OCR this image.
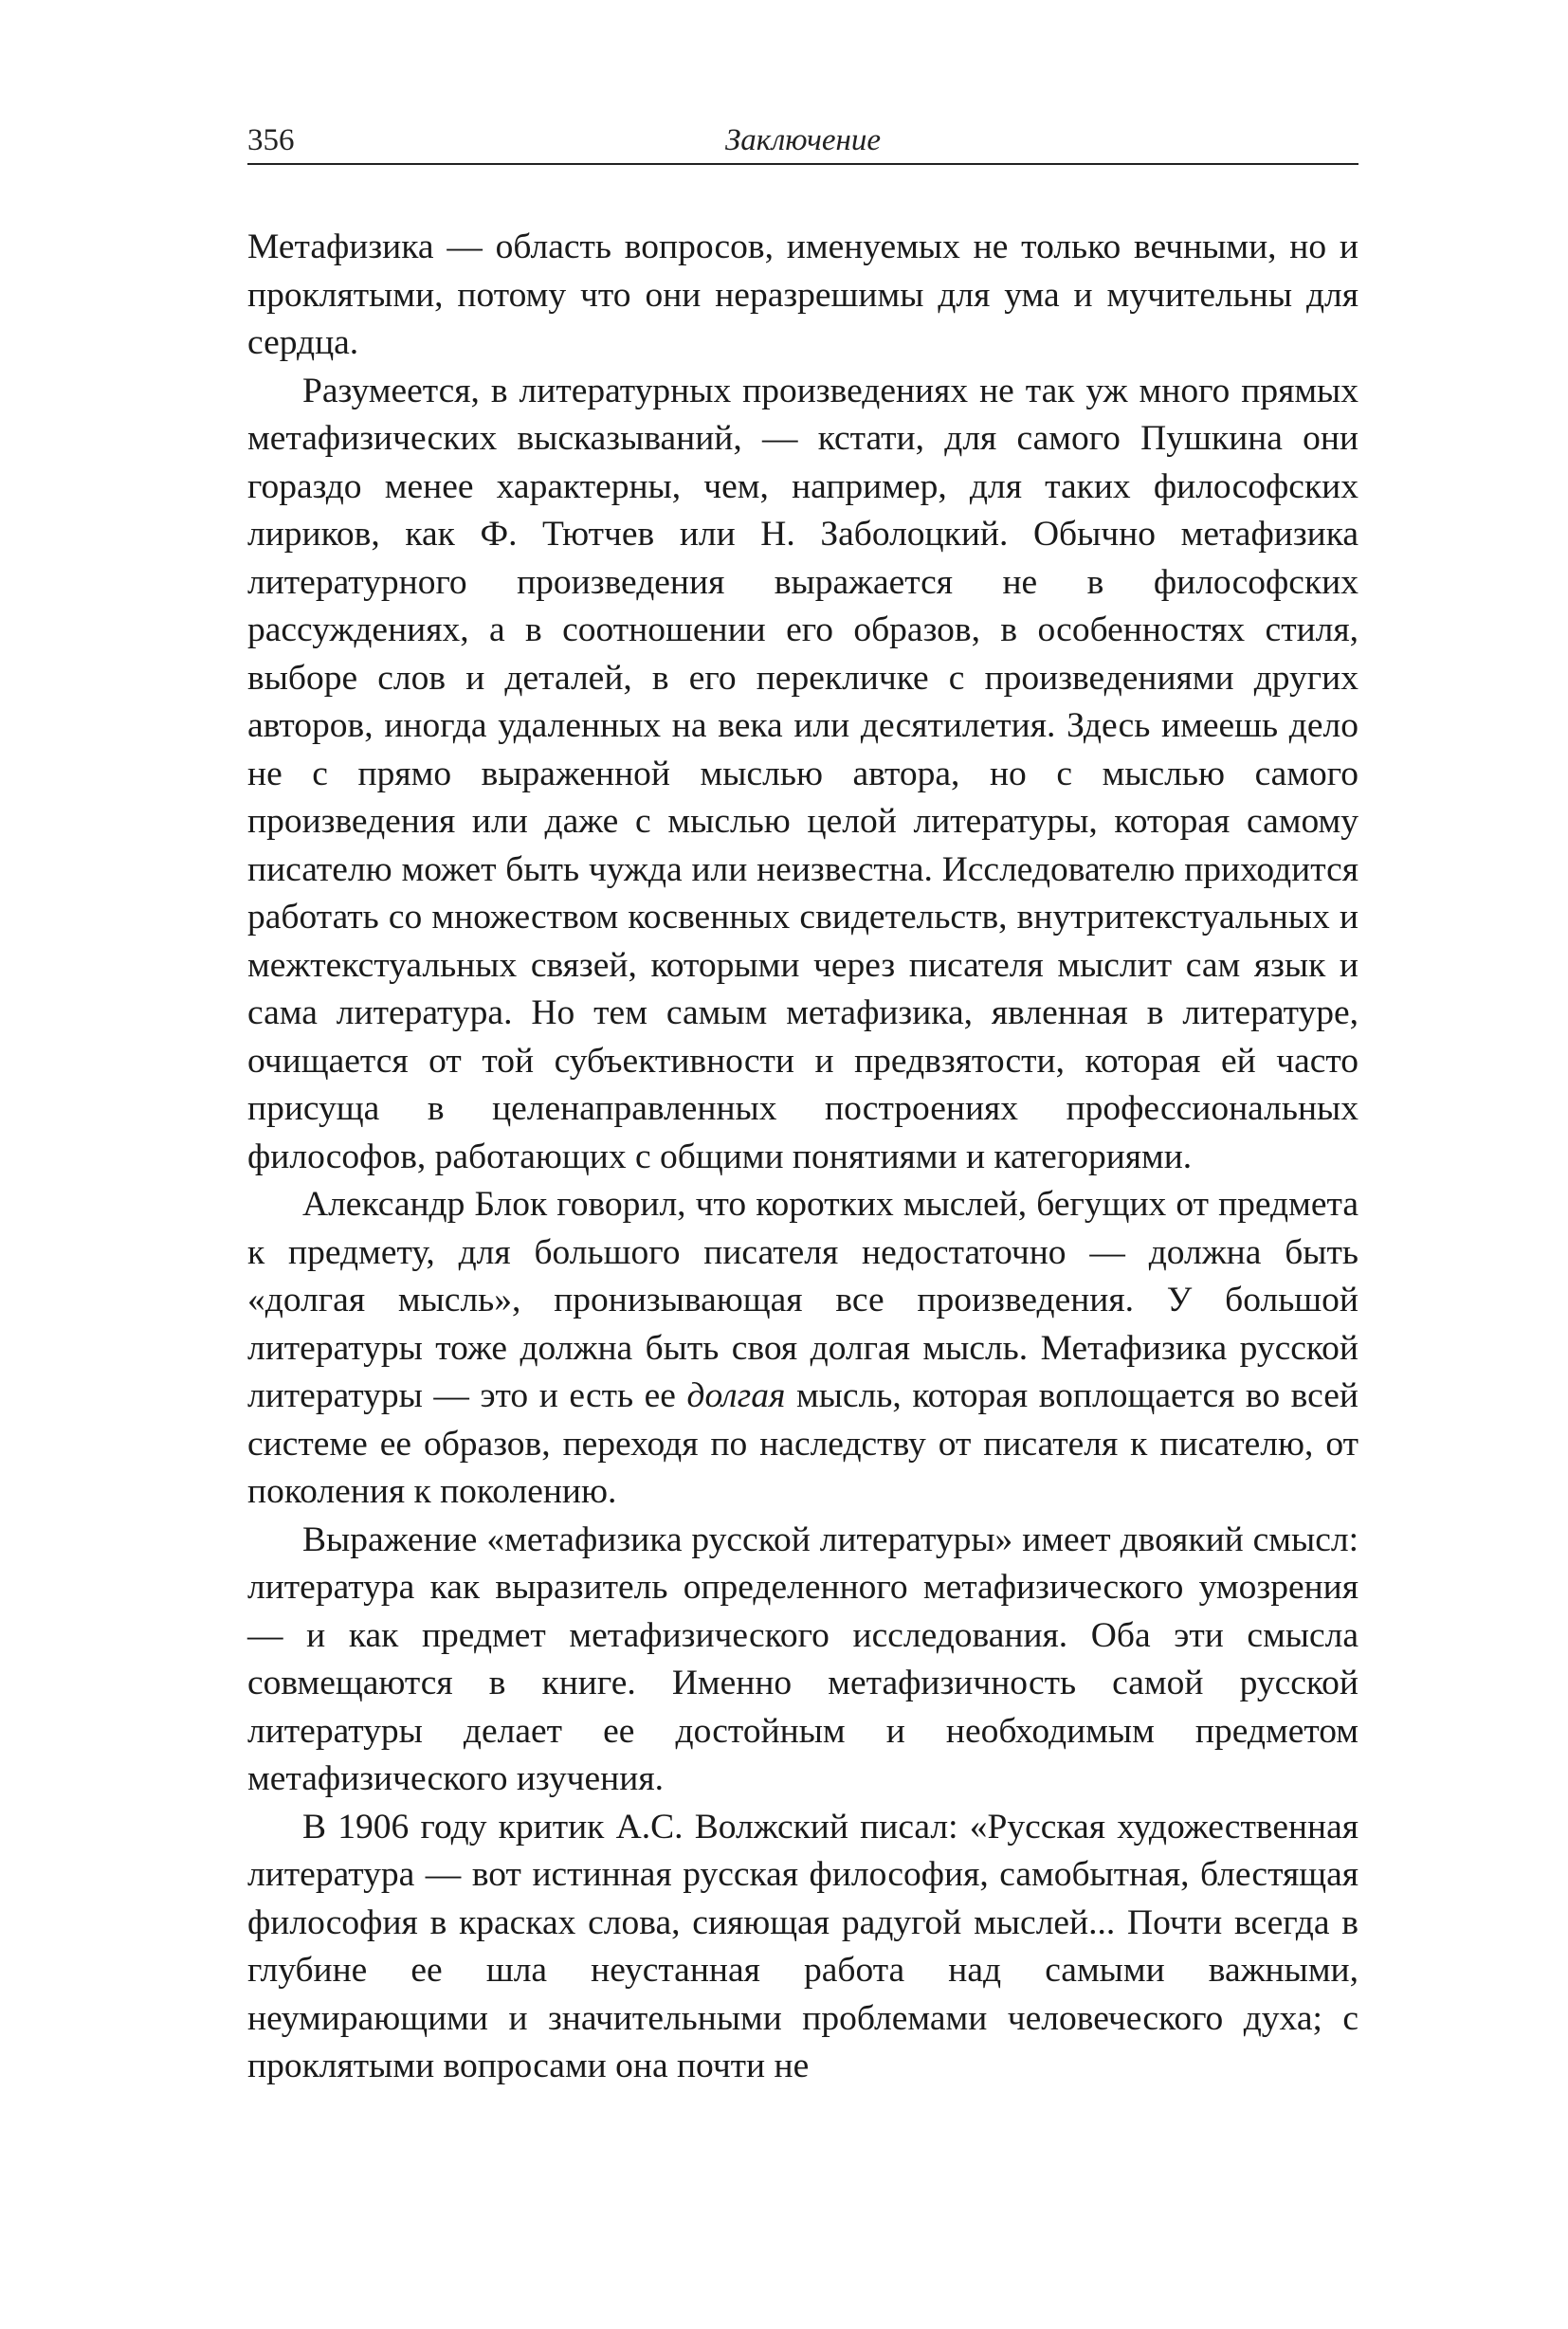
356	Заключение

Метафизика — область вопросов, именуемых не только вечными, но и проклятыми, потому что они неразрешимы для ума и мучительны для сердца.

Разумеется, в литературных произведениях не так уж много прямых метафизических высказываний, — кстати, для самого Пушкина они гораздо менее характерны, чем, например, для таких философских лириков, как Ф. Тютчев или Н. Заболоцкий. Обычно метафизика литературного произведения выражается не в философских рассуждениях, а в соотношении его образов, в особенностях стиля, выборе слов и деталей, в его перекличке с произведениями других авторов, иногда удаленных на века или десятилетия. Здесь имеешь дело не с прямо выраженной мыслью автора, но с мыслью самого произведения или даже с мыслью целой литературы, которая самому писателю может быть чужда или неизвестна. Исследователю приходится работать со множеством косвенных свидетельств, внутритекстуальных и межтекстуальных связей, которыми через писателя мыслит сам язык и сама литература. Но тем самым метафизика, явленная в литературе, очищается от той субъективности и предвзятости, которая ей часто присуща в целенаправленных построениях профессиональных философов, работающих с общими понятиями и категориями.

Александр Блок говорил, что коротких мыслей, бегущих от предмета к предмету, для большого писателя недостаточно — должна быть «долгая мысль», пронизывающая все произведения. У большой литературы тоже должна быть своя долгая мысль. Метафизика русской литературы — это и есть ее долгая мысль, которая воплощается во всей системе ее образов, переходя по наследству от писателя к писателю, от поколения к поколению.

Выражение «метафизика русской литературы» имеет двоякий смысл: литература как выразитель определенного метафизического умозрения — и как предмет метафизического исследования. Оба эти смысла совмещаются в книге. Именно метафизичность самой русской литературы делает ее достойным и необходимым предметом метафизического изучения.

В 1906 году критик А.С. Волжский писал: «Русская художественная литература — вот истинная русская философия, самобытная, блестящая философия в красках слова, сияющая радугой мыслей... Почти всегда в глубине ее шла неустанная работа над самыми важными, неумирающими и значительными проблемами человеческого духа; с проклятыми вопросами она почти не
